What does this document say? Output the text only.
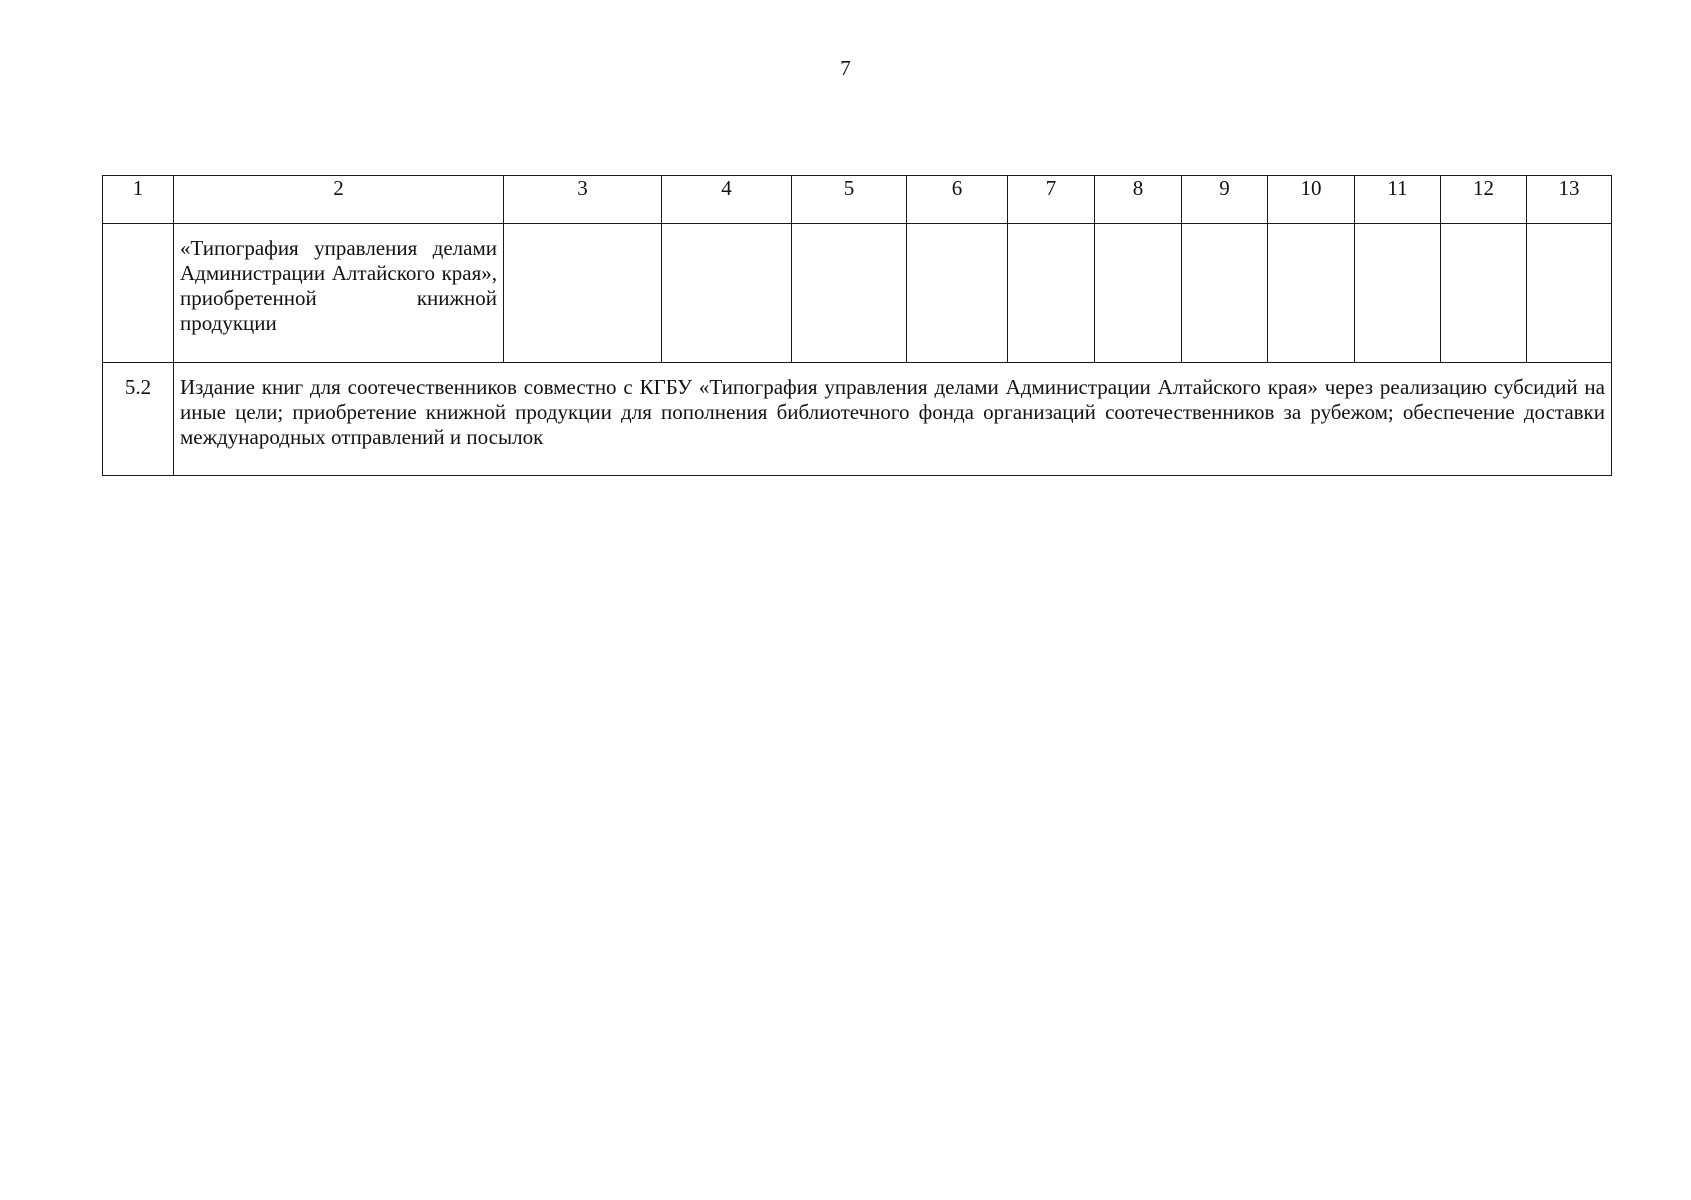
7
1	2	3	4	5	6	7	8	9	10	11	12	13
	«Типография управления делами Администрации Алтайского края», приобретенной книжной продукции											
5.2	Издание книг для соотечественников совместно с КГБУ «Типография управления делами Администрации Алтайского края» через реализацию субсидий на иные цели; приобретение книжной продукции для пополнения библиотечного фонда организаций соотечественников за рубежом; обеспечение доставки международных отправлений и посылок											
